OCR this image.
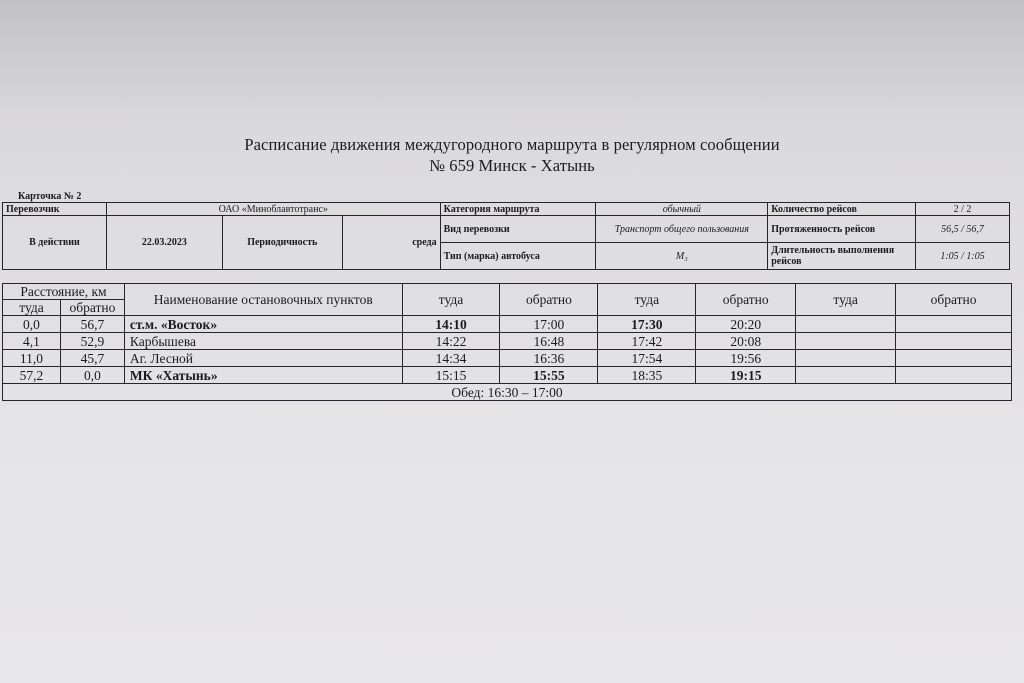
Расписание движения междугородного маршрута в регулярном сообщении
№ 659 Минск - Хатынь
Карточка № 2
Перевозчик	ОАО «Миноблавтотранс»			Категория маршрута	обычный	Количество рейсов	2 / 2
В действии	22.03.2023	Периодичность	среда	Вид перевозки	Транспорт общего пользования	Протяженность рейсов	56,5 / 56,7
				Тип (марка) автобуса	М₃	Длительность выполнения рейсов	1:05 / 1:05
Расстояние, км		Наименование остановочных пунктов	туда	обратно	туда	обратно	туда	обратно
туда	обратно							
0,0	56,7	ст.м. «Восток»	14:10	17:00	17:30	20:20		
4,1	52,9	Карбышева	14:22	16:48	17:42	20:08		
11,0	45,7	Аг. Лесной	14:34	16:36	17:54	19:56		
57,2	0,0	МК «Хатынь»	15:15	15:55	18:35	19:15		
Обед: 16:30 – 17:00								
